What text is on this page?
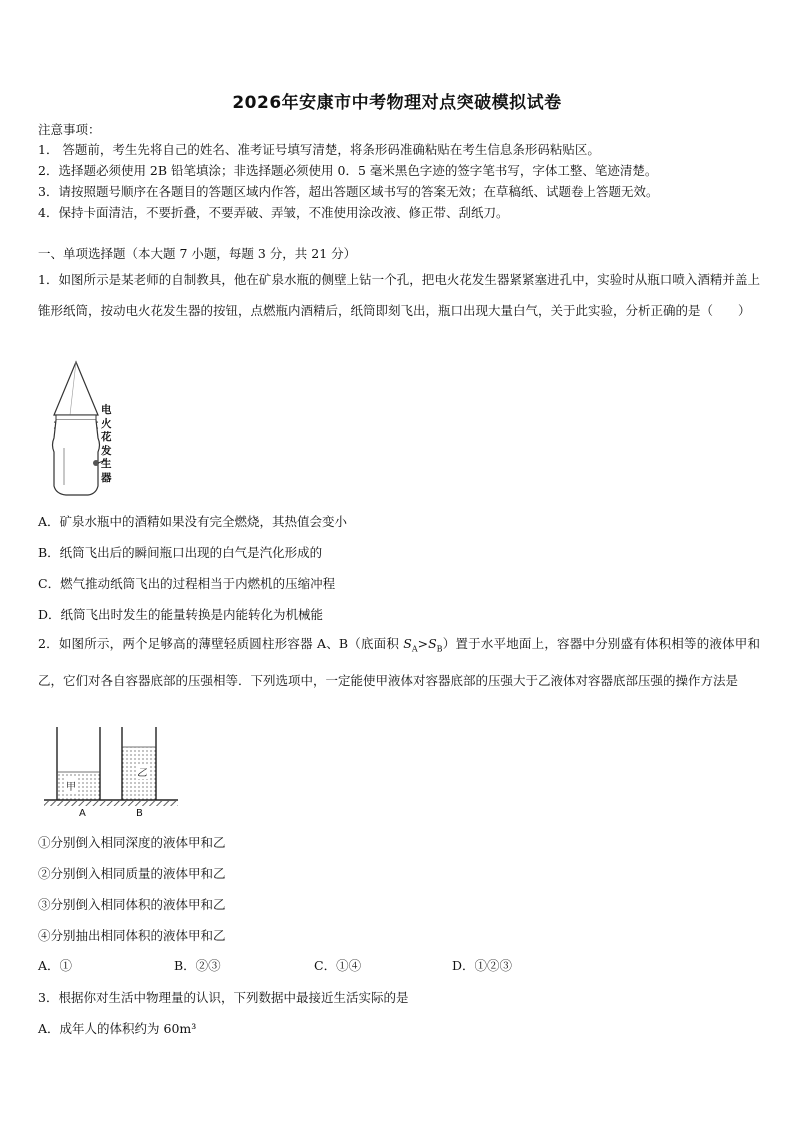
2026年安康市中考物理对点突破模拟试卷
注意事项：
1． 答题前，考生先将自己的姓名、准考证号填写清楚，将条形码准确粘贴在考生信息条形码粘贴区。
2．选择题必须使用 2B 铅笔填涂；非选择题必须使用 0．5 毫米黑色字迹的签字笔书写，字体工整、笔迹清楚。
3．请按照题号顺序在各题目的答题区域内作答，超出答题区域书写的答案无效；在草稿纸、试题卷上答题无效。
4．保持卡面清洁，不要折叠，不要弄破、弄皱，不准使用涂改液、修正带、刮纸刀。
一、单项选择题（本大题 7 小题，每题 3 分，共 21 分）
1．如图所示是某老师的自制教具，他在矿泉水瓶的侧壁上钻一个孔，把电火花发生器紧紧塞进孔中，实验时从瓶口喷入酒精并盖上锥形纸筒，按动电火花发生器的按钮，点燃瓶内酒精后，纸筒即刻飞出，瓶口出现大量白气，关于此实验，分析正确的是（　　）
电
火
花
发
生
器
A．矿泉水瓶中的酒精如果没有完全燃烧，其热值会变小
B．纸筒飞出后的瞬间瓶口出现的白气是汽化形成的
C．燃气推动纸筒飞出的过程相当于内燃机的压缩冲程
D．纸筒飞出时发生的能量转换是内能转化为机械能
2．如图所示，两个足够高的薄壁轻质圆柱形容器 A、B（底面积 $S_A>S_B$）置于水平地面上，容器中分别盛有体积相等的液体甲和乙，它们对各自容器底部的压强相等．下列选项中，一定能使甲液体对容器底部的压强大于乙液体对容器底部压强的操作方法是
甲
乙
A	B
①分别倒入相同深度的液体甲和乙
②分别倒入相同质量的液体甲和乙
③分别倒入相同体积的液体甲和乙
④分别抽出相同体积的液体甲和乙
A．①	B．②③	C．①④	D．①②③
3．根据你对生活中物理量的认识，下列数据中最接近生活实际的是
A．成年人的体积约为 60m³
